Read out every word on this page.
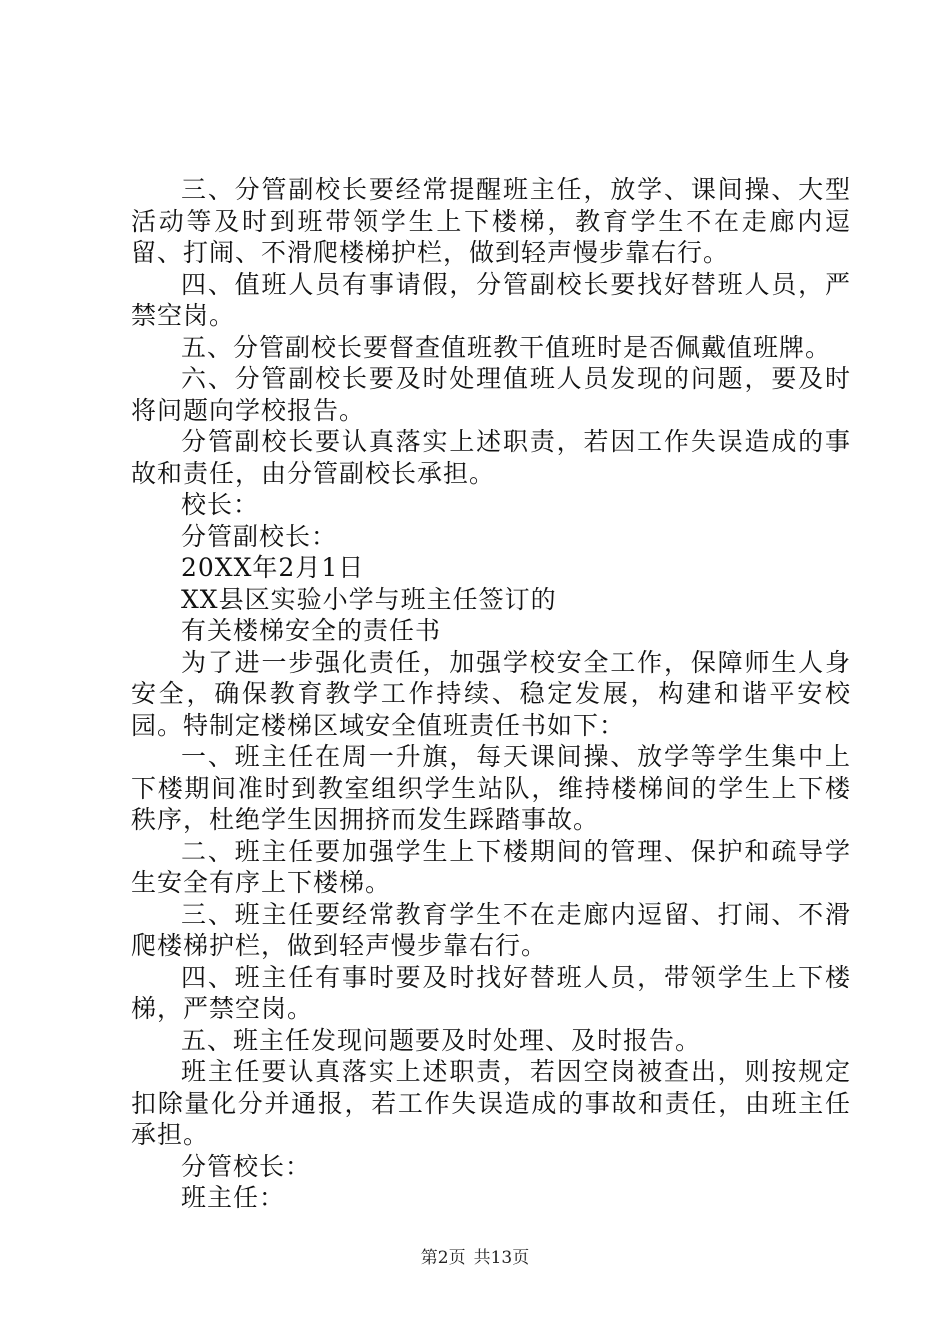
三、分管副校长要经常提醒班主任，放学、课间操、大型活动等及时到班带领学生上下楼梯，教育学生不在走廊内逗留、打闹、不滑爬楼梯护栏，做到轻声慢步靠右行。

四、值班人员有事请假，分管副校长要找好替班人员，严禁空岗。

五、分管副校长要督查值班教干值班时是否佩戴值班牌。

六、分管副校长要及时处理值班人员发现的问题，要及时将问题向学校报告。

分管副校长要认真落实上述职责，若因工作失误造成的事故和责任，由分管副校长承担。

校长：

分管副校长：

20XX年2月1日

XX县区实验小学与班主任签订的

有关楼梯安全的责任书

为了进一步强化责任，加强学校安全工作，保障师生人身安全，确保教育教学工作持续、稳定发展，构建和谐平安校园。特制定楼梯区域安全值班责任书如下：

一、班主任在周一升旗，每天课间操、放学等学生集中上下楼期间准时到教室组织学生站队，维持楼梯间的学生上下楼秩序，杜绝学生因拥挤而发生踩踏事故。

二、班主任要加强学生上下楼期间的管理、保护和疏导学生安全有序上下楼梯。

三、班主任要经常教育学生不在走廊内逗留、打闹、不滑爬楼梯护栏，做到轻声慢步靠右行。

四、班主任有事时要及时找好替班人员，带领学生上下楼梯，严禁空岗。

五、班主任发现问题要及时处理、及时报告。

班主任要认真落实上述职责，若因空岗被查出，则按规定扣除量化分并通报，若工作失误造成的事故和责任，由班主任承担。

分管校长：

班主任：

第2页 共13页
